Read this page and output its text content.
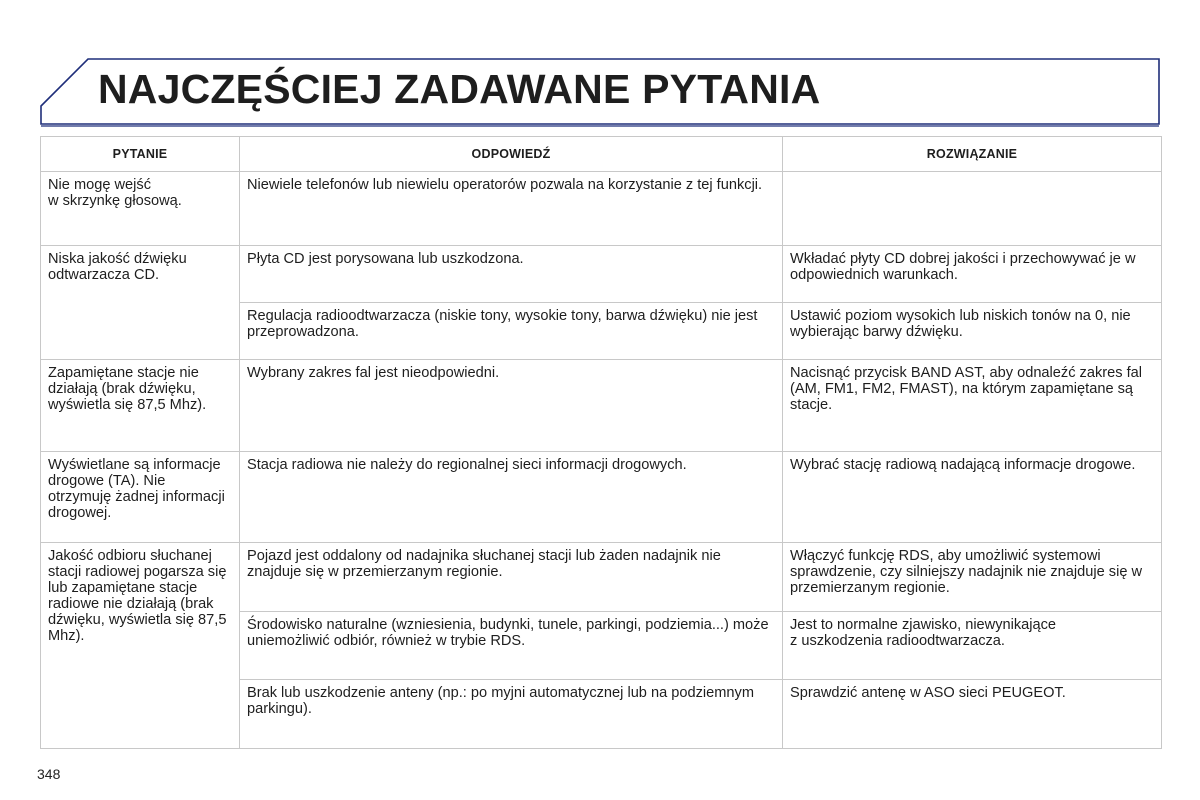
NAJCZĘŚCIEJ ZADAWANE PYTANIA
PYTANIE	ODPOWIEDŹ	ROZWIĄZANIE
Nie mogę wejść
w skrzynkę głosową.	Niewiele telefonów lub niewielu operatorów pozwala na korzystanie z tej funkcji.	
Niska jakość dźwięku odtwarzacza CD.	Płyta CD jest porysowana lub uszkodzona.	Wkładać płyty CD dobrej jakości i przechowywać je w odpowiednich warunkach.
	Regulacja radioodtwarzacza (niskie tony, wysokie tony, barwa dźwięku) nie jest przeprowadzona.	Ustawić poziom wysokich lub niskich tonów na 0, nie wybierając barwy dźwięku.
Zapamiętane stacje nie działają (brak dźwięku, wyświetla się 87,5 Mhz).	Wybrany zakres fal jest nieodpowiedni.	Nacisnąć przycisk BAND AST, aby odnaleźć zakres fal (AM, FM1, FM2, FMAST), na którym zapamiętane są stacje.
Wyświetlane są informacje drogowe (TA). Nie otrzymuję żadnej informacji drogowej.	Stacja radiowa nie należy do regionalnej sieci informacji drogowych.	Wybrać stację radiową nadającą informacje drogowe.
Jakość odbioru słuchanej stacji radiowej pogarsza się lub zapamiętane stacje radiowe nie działają (brak dźwięku, wyświetla się 87,5 Mhz).	Pojazd jest oddalony od nadajnika słuchanej stacji lub żaden nadajnik nie znajduje się w przemierzanym regionie.	Włączyć funkcję RDS, aby umożliwić systemowi sprawdzenie, czy silniejszy nadajnik nie znajduje się w przemierzanym regionie.
	Środowisko naturalne (wzniesienia, budynki, tunele, parkingi, podziemia...) może uniemożliwić odbiór, również w trybie RDS.	Jest to normalne zjawisko, niewynikające
z uszkodzenia radioodtwarzacza.
	Brak lub uszkodzenie anteny (np.: po myjni automatycznej lub na podziemnym parkingu).	Sprawdzić antenę w ASO sieci PEUGEOT.
348
